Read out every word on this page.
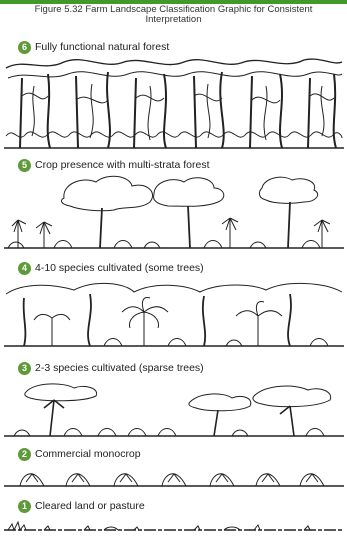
Figure 5.32 Farm Landscape Classification Graphic for Consistent
Interpretation
6 Fully functional natural forest
5 Crop presence with multi-strata forest
4 4-10 species cultivated (some trees)
3 2-3 species cultivated (sparse trees)
2 Commercial monocrop
1 Cleared land or pasture
